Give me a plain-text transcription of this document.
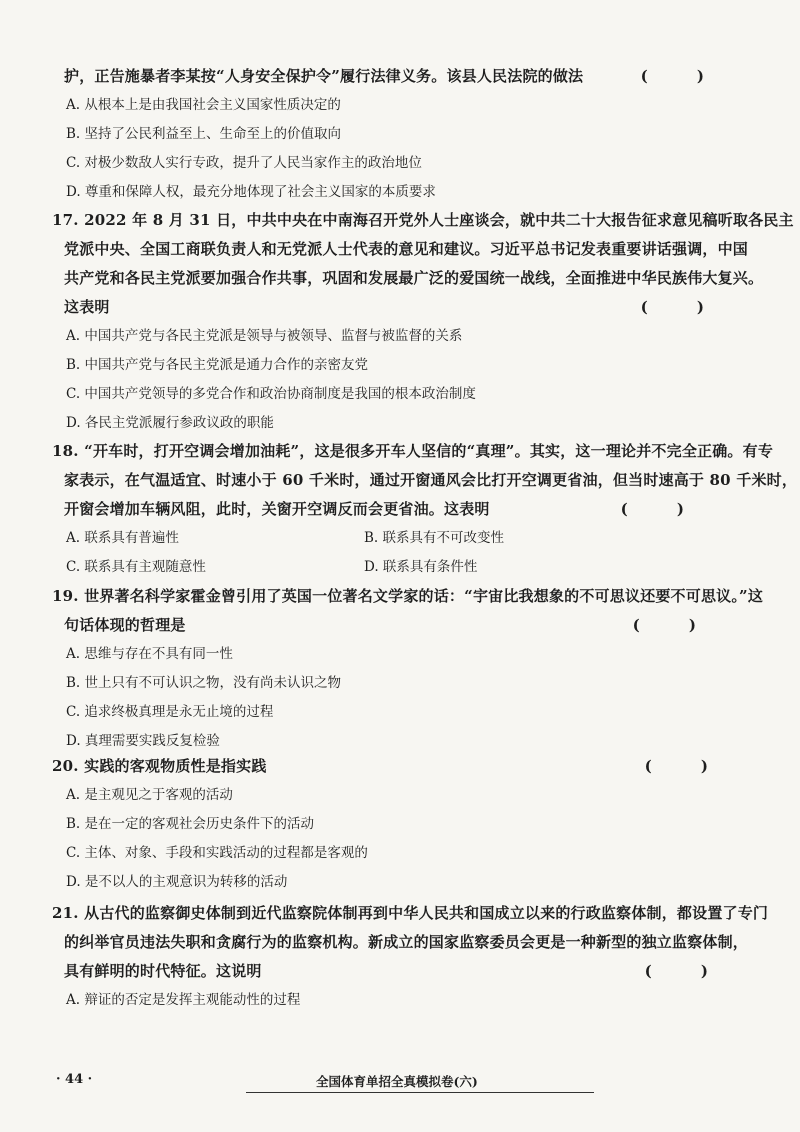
护，正告施暴者李某按“人身安全保护令”履行法律义务。该县人民法院的做法	( )
A. 从根本上是由我国社会主义国家性质决定的
B. 坚持了公民利益至上、生命至上的价值取向
C. 对极少数敌人实行专政，提升了人民当家作主的政治地位
D. 尊重和保障人权，最充分地体现了社会主义国家的本质要求
17. 2022 年 8 月 31 日，中共中央在中南海召开党外人士座谈会，就中共二十大报告征求意见稿听取各民主
党派中央、全国工商联负责人和无党派人士代表的意见和建议。习近平总书记发表重要讲话强调，中国
共产党和各民主党派要加强合作共事，巩固和发展最广泛的爱国统一战线，全面推进中华民族伟大复兴。
这表明	( )
A. 中国共产党与各民主党派是领导与被领导、监督与被监督的关系
B. 中国共产党与各民主党派是通力合作的亲密友党
C. 中国共产党领导的多党合作和政治协商制度是我国的根本政治制度
D. 各民主党派履行参政议政的职能
18. “开车时，打开空调会增加油耗”，这是很多开车人坚信的“真理”。其实，这一理论并不完全正确。有专
家表示，在气温适宜、时速小于 60 千米时，通过开窗通风会比打开空调更省油，但当时速高于 80 千米时，
开窗会增加车辆风阻，此时，关窗开空调反而会更省油。这表明	( )
A. 联系具有普遍性	B. 联系具有不可改变性
C. 联系具有主观随意性	D. 联系具有条件性
19. 世界著名科学家霍金曾引用了英国一位著名文学家的话：“宇宙比我想象的不可思议还要不可思议。”这
句话体现的哲理是	( )
A. 思维与存在不具有同一性
B. 世上只有不可认识之物，没有尚未认识之物
C. 追求终极真理是永无止境的过程
D. 真理需要实践反复检验
20. 实践的客观物质性是指实践	( )
A. 是主观见之于客观的活动
B. 是在一定的客观社会历史条件下的活动
C. 主体、对象、手段和实践活动的过程都是客观的
D. 是不以人的主观意识为转移的活动
21. 从古代的监察御史体制到近代监察院体制再到中华人民共和国成立以来的行政监察体制，都设置了专门
的纠举官员违法失职和贪腐行为的监察机构。新成立的国家监察委员会更是一种新型的独立监察体制，
具有鲜明的时代特征。这说明	( )
A. 辩证的否定是发挥主观能动性的过程
· 44 ·	全国体育单招全真模拟卷(六)
